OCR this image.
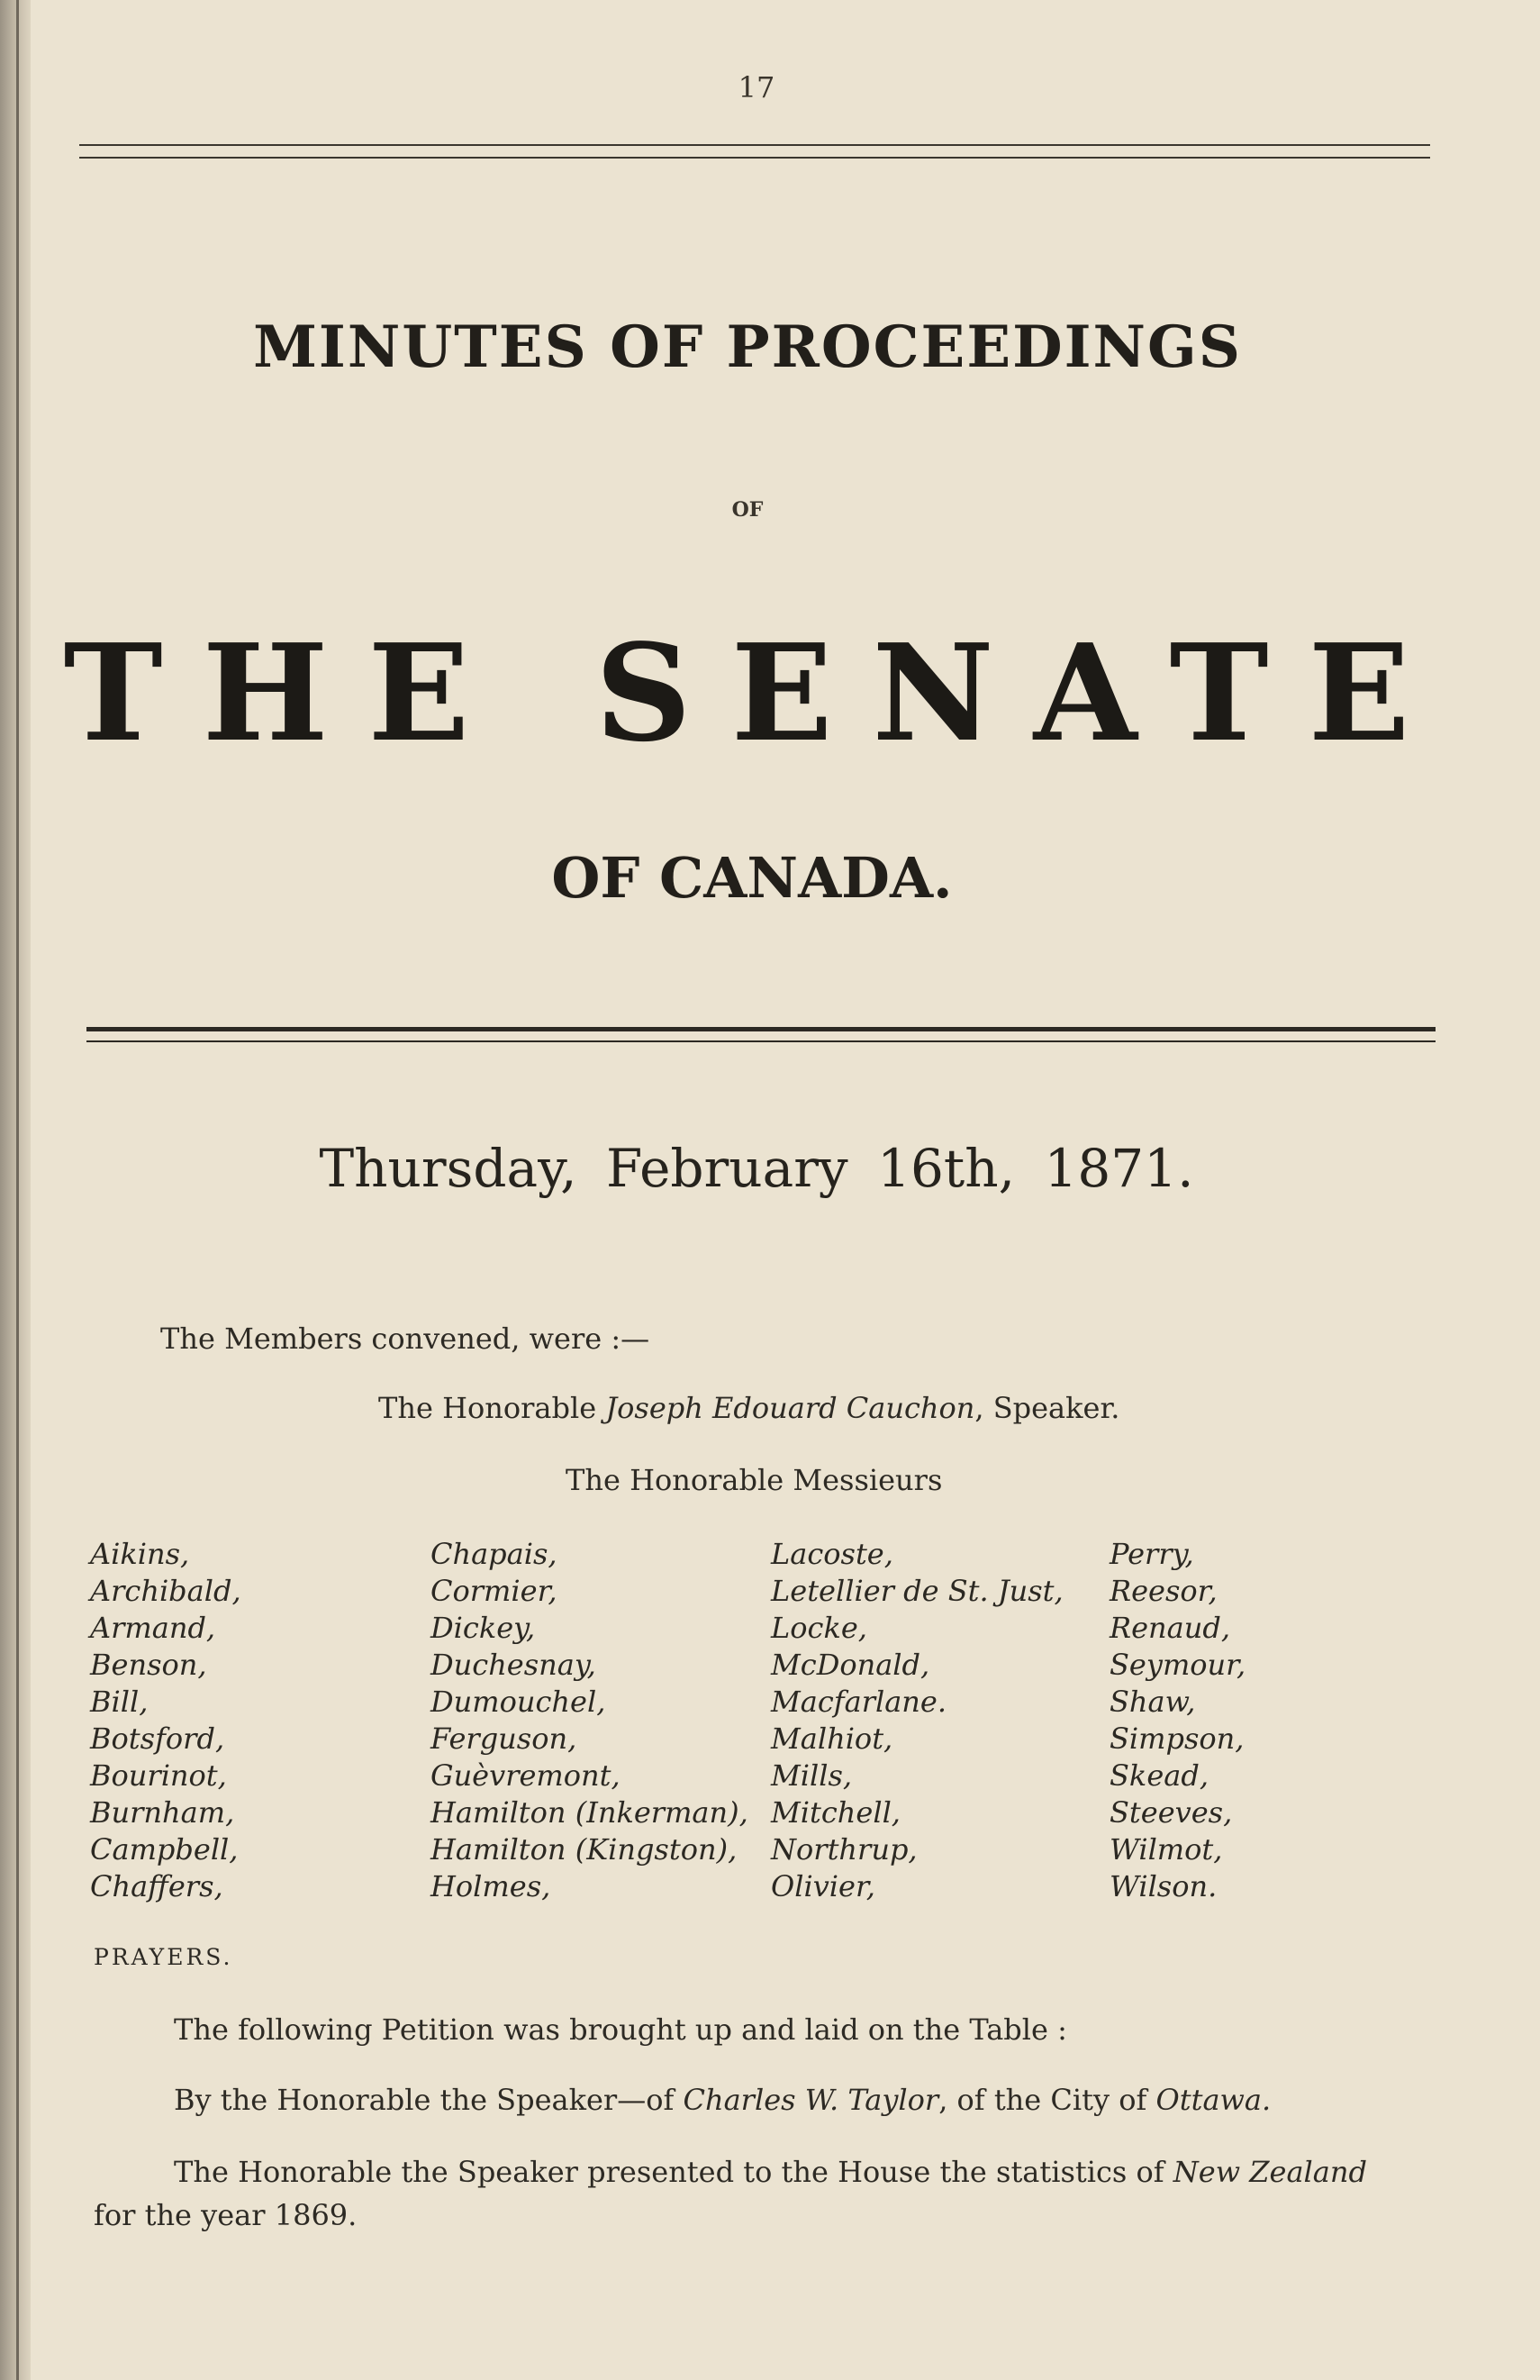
17
MINUTES OF PROCEEDINGS
OF
THE SENATE
OF CANADA.
Thursday, February 16th, 1871.
The Members convened, were :—
The Honorable Joseph Edouard Cauchon, Speaker.
The Honorable Messieurs
Aikins,
Archibald,
Armand,
Benson,
Bill,
Botsford,
Bourinot,
Burnham,
Campbell,
Chaffers,
Chapais,
Cormier,
Dickey,
Duchesnay,
Dumouchel,
Ferguson,
Guèvremont,
Hamilton (Inkerman),
Hamilton (Kingston),
Holmes,
Lacoste,
Letellier de St. Just,
Locke,
McDonald,
Macfarlane.
Malhiot,
Mills,
Mitchell,
Northrup,
Olivier,
Perry,
Reesor,
Renaud,
Seymour,
Shaw,
Simpson,
Skead,
Steeves,
Wilmot,
Wilson.
PRAYERS.
The following Petition was brought up and laid on the Table :
By the Honorable the Speaker—of Charles W. Taylor, of the City of Ottawa.
The Honorable the Speaker presented to the House the statistics of New Zealand
for the year 1869.
